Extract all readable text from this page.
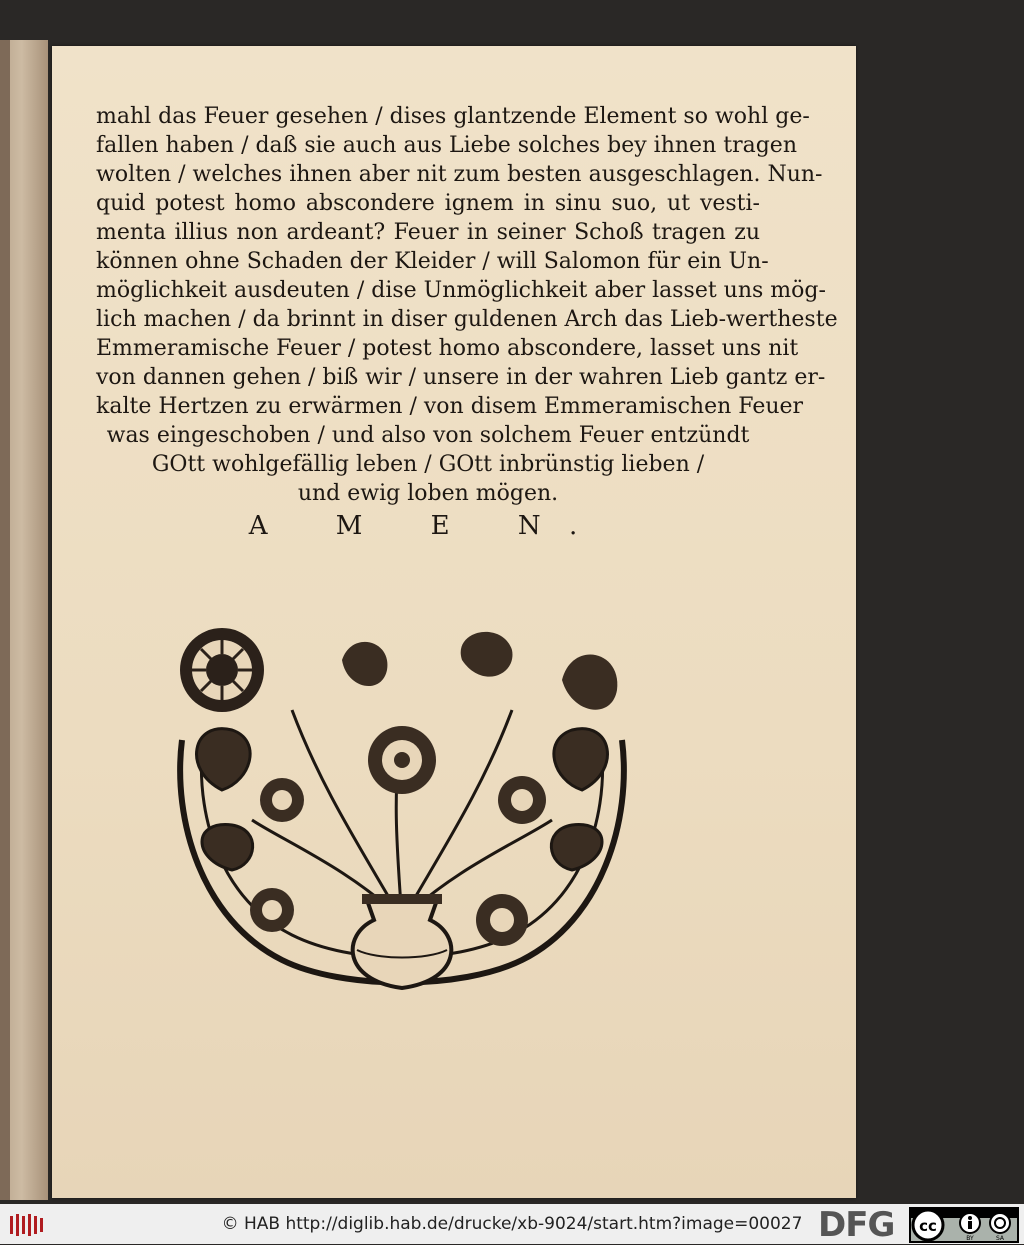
mahl das Feuer gesehen / dises glantzende Element so wohl ge-
fallen haben / daß sie auch aus Liebe solches bey ihnen tragen
wolten / welches ihnen aber nit zum besten ausgeschlagen. Nun-
quid potest homo abscondere ignem in sinu suo, ut vesti-
menta illius non ardeant? Feuer in seiner Schoß tragen zu
können ohne Schaden der Kleider / will Salomon für ein Un-
möglichkeit ausdeuten / dise Unmöglichkeit aber lasset uns mög-
lich machen / da brinnt in diser guldenen Arch das Lieb-wertheste
Emmeramische Feuer / potest homo abscondere, lasset uns nit
von dannen gehen / biß wir / unsere in der wahren Lieb gantz er-
kalte Hertzen zu erwärmen / von disem Emmeramischen Feuer
was eingeschoben / und also von solchem Feuer entzündt
GOtt wohlgefällig leben / GOtt inbrünstig lieben /
und ewig loben mögen.
A M E N.
© HAB http://diglib.hab.de/drucke/xb-9024/start.htm?image=00027 DFG cc
BY	SA
